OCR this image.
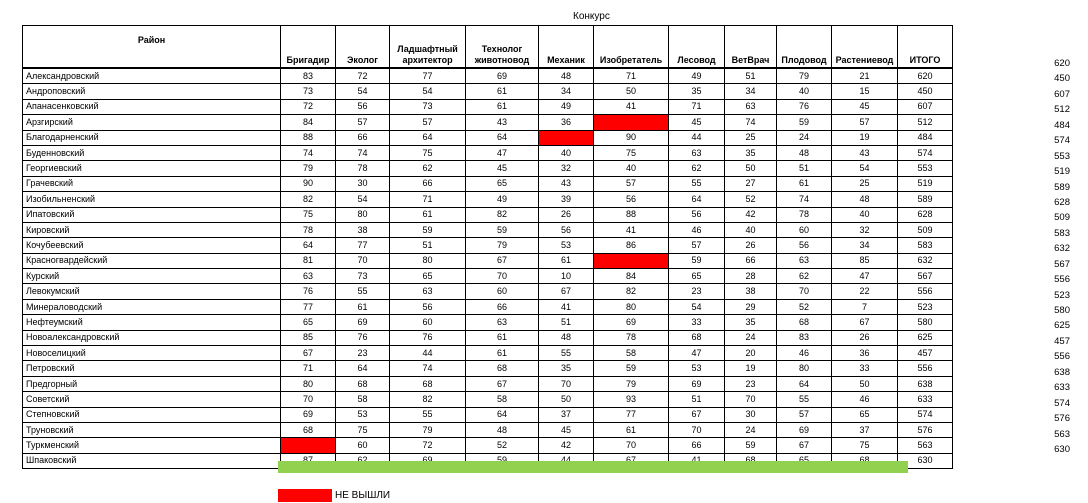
Конкурс
Район	Бригадир	Эколог	Ладшафтный архитектор	Технолог животновод	Механик	Изобретатель	Лесовод	ВетВрач	Плодовод	Растениевод	ИТОГО
Александровский	83	72	77	69	48	71	49	51	79	21	620
Андроповский	73	54	54	61	34	50	35	34	40	15	450
Апанасенковский	72	56	73	61	49	41	71	63	76	45	607
Арзгирский	84	57	57	43	36		45	74	59	57	512
Благодарненский	88	66	64	64		90	44	25	24	19	484
Буденновский	74	74	75	47	40	75	63	35	48	43	574
Георгиевский	79	78	62	45	32	40	62	50	51	54	553
Грачевский	90	30	66	65	43	57	55	27	61	25	519
Изобильненский	82	54	71	49	39	56	64	52	74	48	589
Ипатовский	75	80	61	82	26	88	56	42	78	40	628
Кировский	78	38	59	59	56	41	46	40	60	32	509
Кочубеевский	64	77	51	79	53	86	57	26	56	34	583
Красногвардейский	81	70	80	67	61		59	66	63	85	632
Курский	63	73	65	70	10	84	65	28	62	47	567
Левокумский	76	55	63	60	67	82	23	38	70	22	556
Минераловодский	77	61	56	66	41	80	54	29	52	7	523
Нефтеумский	65	69	60	63	51	69	33	35	68	67	580
Новоалександровский	85	76	76	61	48	78	68	24	83	26	625
Новоселицкий	67	23	44	61	55	58	47	20	46	36	457
Петровский	71	64	74	68	35	59	53	19	80	33	556
Предгорный	80	68	68	67	70	79	69	23	64	50	638
Советский	70	58	82	58	50	93	51	70	55	46	633
Степновский	69	53	55	64	37	77	67	30	57	65	574
Труновский	68	75	79	48	45	61	70	24	69	37	576
Туркменский		60	72	52	42	70	66	59	67	75	563
Шпаковский											630
620
450
607
512
484
574
553
519
589
628
509
583
632
567
556
523
580
625
457
556
638
633
574
576
563
630
НЕ ВЫШЛИ
